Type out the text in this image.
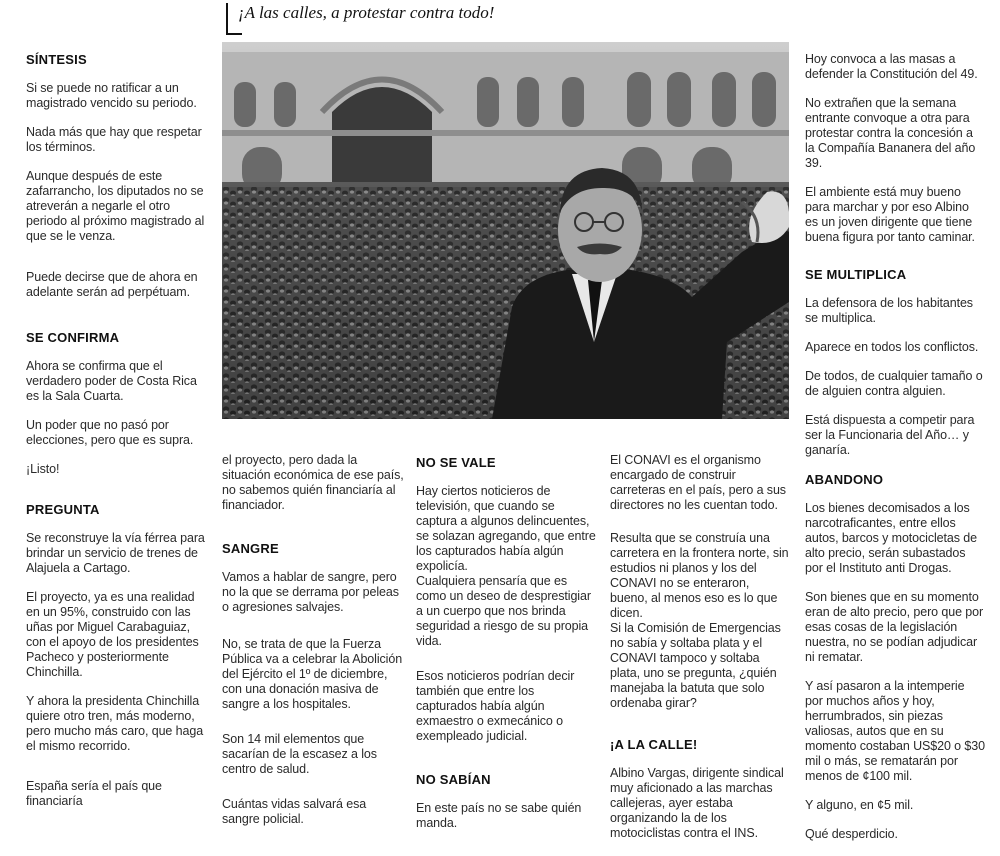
¡A las calles, a protestar contra todo!
SÍNTESIS

Si se puede no ratificar a un magistrado vencido su periodo.

Nada más que hay que respetar los términos.

Aunque después de este zafarrancho, los diputados no se atreverán a negarle el otro periodo al próximo magistrado al que se le venza.

Puede decirse que de ahora en adelante serán ad perpétuam.

SE CONFIRMA

Ahora se confirma que el verdadero poder de Costa Rica es la Sala Cuarta.

Un poder que no pasó por elecciones, pero que es supra.

¡Listo!

PREGUNTA

Se reconstruye la vía férrea para brindar un servicio de trenes de Alajuela a Cartago.

El proyecto, ya es una realidad en un 95%, construido con las uñas por Miguel Carabaguiaz, con el apoyo de los presidentes Pacheco y posteriormente Chinchilla.

Y ahora la presidenta Chinchilla quiere otro tren, más moderno, pero mucho más caro, que haga el mismo recorrido.

España sería el país que financiaría

el proyecto, pero dada la situación económica de ese país, no sabemos quién financiaría al financiador.

SANGRE

Vamos a hablar de sangre, pero no la que se derrama por peleas o agresiones salvajes.

No, se trata de que la Fuerza Pública va a celebrar la Abolición del Ejército el 1º de diciembre, con una donación masiva de sangre a los hospitales.

Son 14 mil elementos que sacarían de la escasez a los centro de salud.

Cuántas vidas salvará esa sangre policial.

NO SE VALE

Hay ciertos noticieros de televisión, que cuando se captura a algunos delincuentes, se solazan agregando, que entre los capturados había algún expolicía.

Cualquiera pensaría que es como un deseo de desprestigiar a un cuerpo que nos brinda seguridad a riesgo de su propia vida.

Esos noticieros podrían decir también que entre los capturados había algún exmaestro o exmecánico o exempleado judicial.

NO SABÍAN

En este país no se sabe quién manda.

El CONAVI es el organismo encargado de construir carreteras en el país, pero a sus directores no les cuentan todo.

Resulta que se construía una carretera en la frontera norte, sin estudios ni planos y los del CONAVI no se enteraron, bueno, al menos eso es lo que dicen.

Si la Comisión de Emergencias no sabía y soltaba plata y el CONAVI tampoco y soltaba plata, uno se pregunta, ¿quién manejaba la batuta que solo ordenaba girar?

¡A LA CALLE!

Albino Vargas, dirigente sindical muy aficionado a las marchas callejeras, ayer estaba organizando la de los motociclistas contra el INS.

Hoy convoca a las masas a defender la Constitución del 49.

No extrañen que la semana entrante convoque a otra para protestar contra la concesión a la Compañía Bananera del año 39.

El ambiente está muy bueno para marchar y por eso Albino es un joven dirigente que tiene buena figura por tanto caminar.

SE MULTIPLICA

La defensora de los habitantes se multiplica.

Aparece en todos los conflictos.

De todos, de cualquier tamaño o de alguien contra alguien.

Está dispuesta a competir para ser la Funcionaria del Año… y ganaría.

ABANDONO

Los bienes decomisados a los narcotraficantes, entre ellos autos, barcos y motocicletas de alto precio, serán subastados por el Instituto anti Drogas.

Son bienes que en su momento eran de alto precio, pero que por esas cosas de la legislación nuestra, no se podían adjudicar ni rematar.

Y así pasaron a la intemperie por muchos años y hoy, herrumbrados, sin piezas valiosas, autos que en su momento costaban US$20 o $30 mil o más, se rematarán por menos de ¢100 mil.

Y alguno, en ¢5 mil.

Qué desperdicio.
